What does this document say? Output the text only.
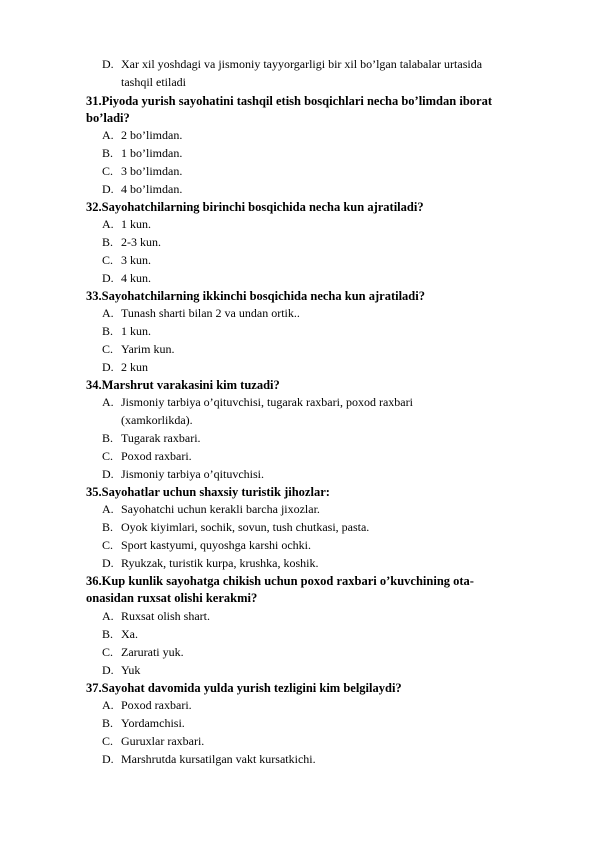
D. Xar xil yoshdagi va jismoniy tayyorgarligi bir xil bo’lgan talabalar urtasida
tashqil etiladi
31.Piyoda yurish sayohatini tashqil etish bosqichlari necha bo’limdan iborat
bo’ladi?
A. 2 bo’limdan.
B. 1 bo’limdan.
C. 3 bo’limdan.
D. 4 bo’limdan.
32.Sayohatchilarning birinchi bosqichida necha kun ajratiladi?
A. 1 kun.
B. 2-3 kun.
C. 3 kun.
D. 4 kun.
33.Sayohatchilarning ikkinchi bosqichida necha kun ajratiladi?
A. Tunash sharti bilan 2 va undan ortik..
B. 1 kun.
C. Yarim kun.
D. 2 kun
34.Marshrut varakasini kim tuzadi?
A. Jismoniy tarbiya o’qituvchisi, tugarak raxbari, poxod raxbari
(xamkorlikda).
B. Tugarak raxbari.
C. Poxod raxbari.
D. Jismoniy tarbiya o’qituvchisi.
35.Sayohatlar uchun shaxsiy turistik jihozlar:
A. Sayohatchi uchun kerakli barcha jixozlar.
B. Oyok kiyimlari, sochik, sovun, tush chutkasi, pasta.
C. Sport kastyumi, quyoshga karshi ochki.
D. Ryukzak, turistik kurpa, krushka, koshik.
36.Kup kunlik sayohatga chikish uchun poxod raxbari o’kuvchining ota-
onasidan ruxsat olishi kerakmi?
A. Ruxsat olish shart.
B. Xa.
C. Zarurati yuk.
D. Yuk
37.Sayohat davomida yulda yurish tezligini kim belgilaydi?
A. Poxod raxbari.
B. Yordamchisi.
C. Guruxlar raxbari.
D. Marshrutda kursatilgan vakt kursatkichi.
